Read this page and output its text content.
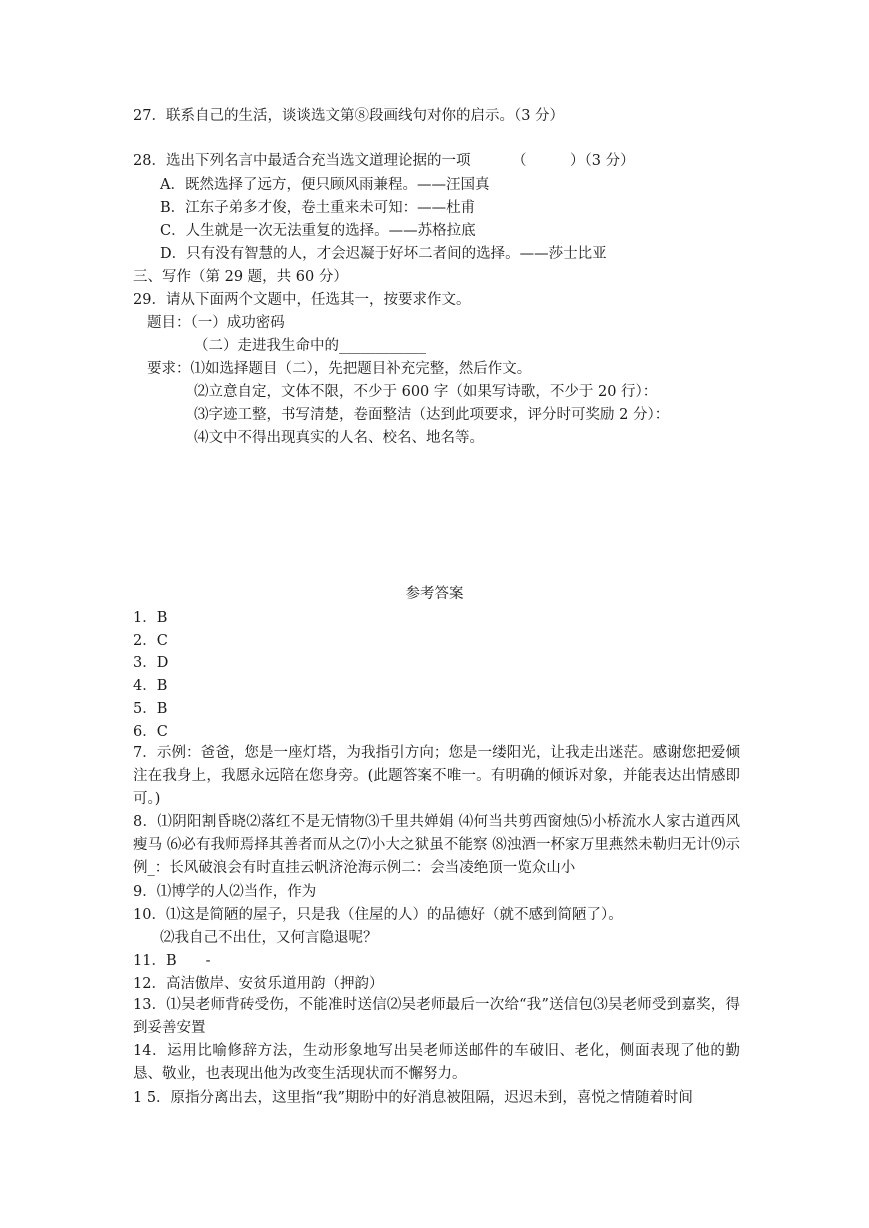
27．联系自己的生活，谈谈选文第⑧段画线句对你的启示。（3 分）
28．选出下列名言中最适合充当选文道理论据的一项	（　　　）（3 分）
A．既然选择了远方，便只顾风雨兼程。——汪国真
B．江东子弟多才俊，卷土重来未可知：——杜甫
C．人生就是一次无法重复的选择。——苏格拉底
D．只有没有智慧的人，才会迟凝于好坏二者间的选择。——莎士比亚
三、写作（第 29 题，共 60 分）
29．请从下面两个文题中，任选其一，按要求作文。
题目：（一）成功密码
（二）走进我生命中的____________
要求：⑴如选择题目（二），先把题目补充完整，然后作文。
⑵立意自定，文体不限，不少于 600 字（如果写诗歌，不少于 20 行）：
⑶字迹工整，书写清楚，卷面整洁（达到此项要求，评分时可奖励 2 分）：
⑷文中不得出现真实的人名、校名、地名等。
参考答案
1．B
2．C
3．D
4．B
5．B
6．C
7．示例：爸爸，您是一座灯塔，为我指引方向；您是一缕阳光，让我走出迷茫。感谢您把爱倾注在我身上，我愿永远陪在您身旁。(此题答案不唯一。有明确的倾诉对象，并能表达出情感即可。)
8．⑴阴阳割昏晓⑵落红不是无情物⑶千里共婵娟 ⑷何当共剪西窗烛⑸小桥流水人家古道西风瘦马 ⑹必有我师焉择其善者而从之⑺小大之狱虽不能察 ⑻浊酒一杯家万里燕然未勒归无计⑼示例_：长风破浪会有时直挂云帆济沧海示例二：会当凌绝顶一览众山小
9．⑴博学的人⑵当作，作为
10．⑴这是简陋的屋子，只是我（住屋的人）的品德好（就不感到简陋了）。
⑵我自己不出仕，又何言隐退呢？
11．B　　-
12．高洁傲岸、安贫乐道用韵（押韵）
13．⑴吴老师背砖受伤，不能准时送信⑵吴老师最后一次给“我”送信包⑶吴老师受到嘉奖，得到妥善安置
14．运用比喻修辞方法，生动形象地写出吴老师送邮件的车破旧、老化，侧面表现了他的勤恳、敬业，也表现出他为改变生活现状而不懈努力。
1 5．原指分离出去，这里指“我”期盼中的好消息被阻隔，迟迟未到，喜悦之情随着时间
